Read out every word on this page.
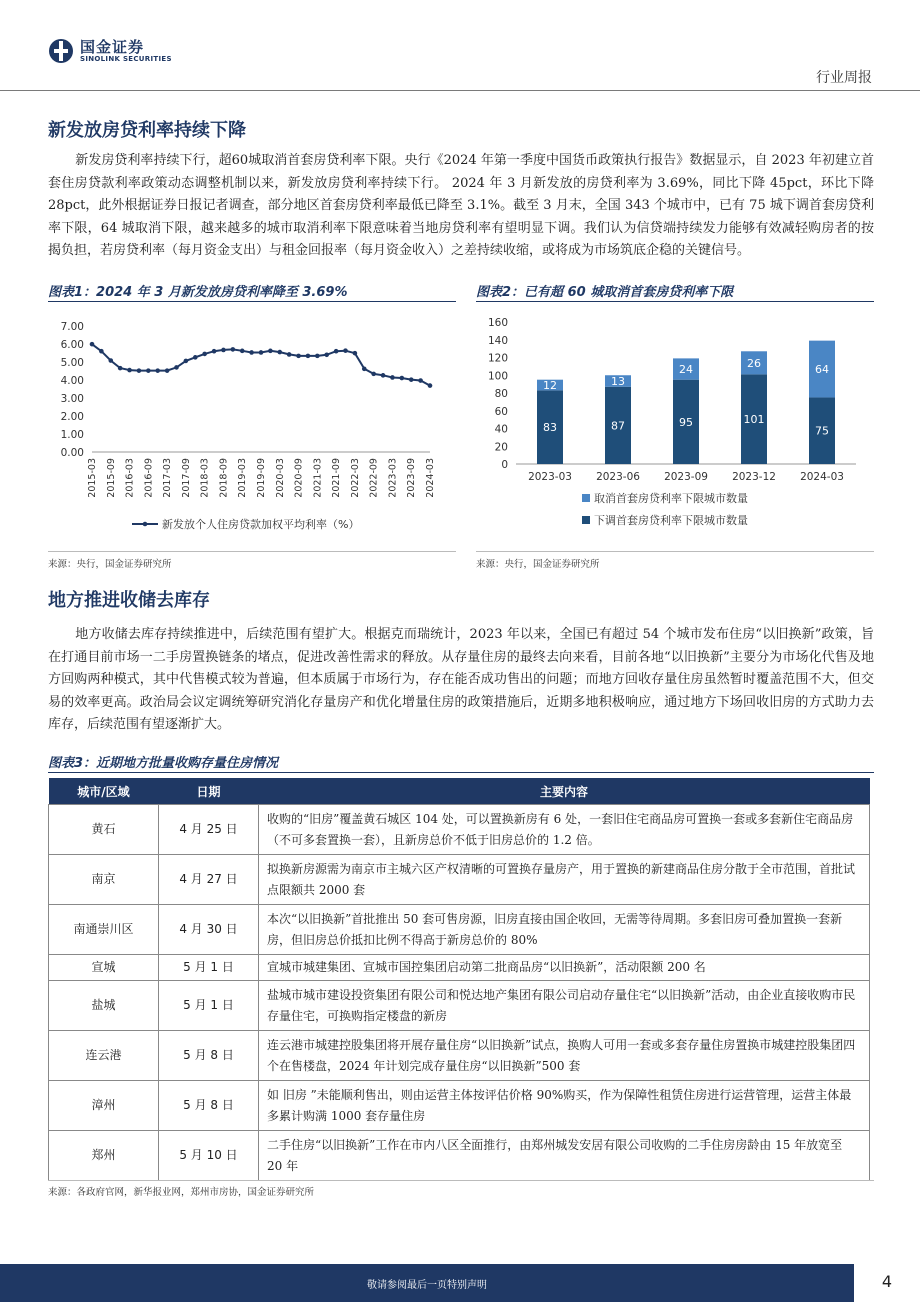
国金证券
SINOLINK SECURITIES
行业周报
新发放房贷利率持续下降

新发房贷利率持续下行，超60城取消首套房贷利率下限。央行《2024 年第一季度中国货币政策执行报告》数据显示，自 2023 年初建立首套住房贷款利率政策动态调整机制以来，新发放房贷利率持续下行。 2024 年 3 月新发放的房贷利率为 3.69%，同比下降 45pct，环比下降 28pct，此外根据证券日报记者调查，部分地区首套房贷利率最低已降至 3.1%。截至 3 月末，全国 343 个城市中，已有 75 城下调首套房贷利率下限，64 城取消下限，越来越多的城市取消利率下限意味着当地房贷利率有望明显下调。我们认为信贷端持续发力能够有效减轻购房者的按揭负担，若房贷利率（每月资金支出）与租金回报率（每月资金收入）之差持续收缩，或将成为市场筑底企稳的关键信号。

图表1：2024 年 3 月新发放房贷利率降至 3.69%	图表2：已有超 60 城取消首套房贷利率下限
0.00
1.00
2.00
3.00
4.00
5.00
6.00
7.00
2015-03 2015-09 2016-03 2016-09 2017-03 2017-09 2018-03 2018-09 2019-03 2019-09 2020-03 2020-09 2021-03 2021-09 2022-03 2022-09 2023-03 2023-09 2024-03
新发放个人住房贷款加权平均利率（%）
0
20
40
60
80
100
120
140
160
83
12
2023-03
87
13
2023-06
95
24
2023-09
101
26
2023-12
75
64
2024-03
取消首套房贷利率下限城市数量
下调首套房贷利率下限城市数量
来源：央行，国金证券研究所	来源：央行，国金证券研究所
地方推进收储去库存

地方收储去库存持续推进中，后续范围有望扩大。根据克而瑞统计，2023 年以来，全国已有超过 54 个城市发布住房“以旧换新”政策，旨在打通目前市场一二手房置换链条的堵点，促进改善性需求的释放。从存量住房的最终去向来看，目前各地“以旧换新”主要分为市场化代售及地方回购两种模式，其中代售模式较为普遍，但本质属于市场行为，存在能否成功售出的问题；而地方回收存量住房虽然暂时覆盖范围不大，但交易的效率更高。政治局会议定调统筹研究消化存量房产和优化增量住房的政策措施后，近期多地积极响应，通过地方下场回收旧房的方式助力去库存，后续范围有望逐渐扩大。

图表3：近期地方批量收购存量住房情况
城市/区域	日期	主要内容
黄石	4 月 25 日	收购的“旧房”覆盖黄石城区 104 处，可以置换新房有 6 处，一套旧住宅商品房可置换一套或多套新住宅商品房（不可多套置换一套），且新房总价不低于旧房总价的 1.2 倍。
南京	4 月 27 日	拟换新房源需为南京市主城六区产权清晰的可置换存量房产，用于置换的新建商品住房分散于全市范围，首批试点限额共 2000 套
南通崇川区	4 月 30 日	本次“以旧换新”首批推出 50 套可售房源，旧房直接由国企收回，无需等待周期。多套旧房可叠加置换一套新房，但旧房总价抵扣比例不得高于新房总价的 80%
宣城	5 月 1 日	宣城市城建集团、宣城市国控集团启动第二批商品房“以旧换新”，活动限额 200 名
盐城	5 月 1 日	盐城市城市建设投资集团有限公司和悦达地产集团有限公司启动存量住宅“以旧换新”活动，由企业直接收购市民存量住宅，可换购指定楼盘的新房
连云港	5 月 8 日	连云港市城建控股集团将开展存量住房“以旧换新”试点，换购人可用一套或多套存量住房置换市城建控股集团四个在售楼盘，2024 年计划完成存量住房“以旧换新”500 套
漳州	5 月 8 日	如 旧房 ”未能顺利售出，则由运营主体按评估价格 90%购买，作为保障性租赁住房进行运营管理，运营主体最多累计购满 1000 套存量住房
郑州	5 月 10 日	二手住房“以旧换新”工作在市内八区全面推行，由郑州城发安居有限公司收购的二手住房房龄由 15 年放宽至 20 年
来源：各政府官网，新华报业网，郑州市房协，国金证券研究所
敬请参阅最后一页特别声明	4
